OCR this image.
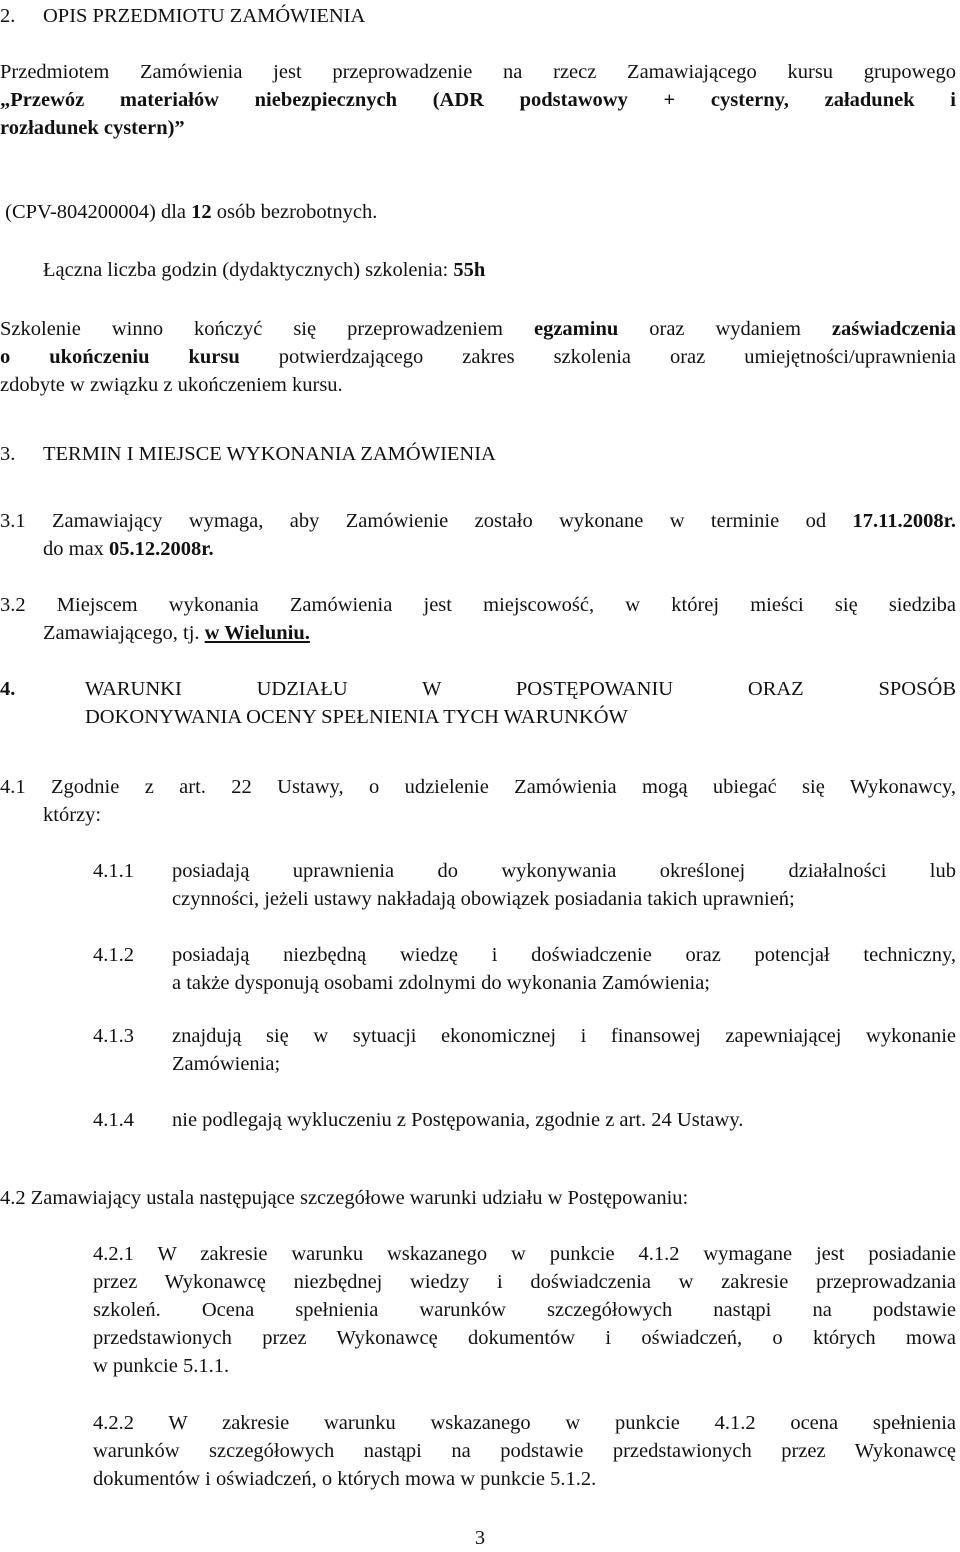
2. OPIS PRZEDMIOTU ZAMÓWIENIA
Przedmiotem Zamówienia jest przeprowadzenie na rzecz Zamawiającego kursu grupowego
„Przewóz materiałów niebezpiecznych (ADR podstawowy + cysterny, załadunek i
rozładunek cystern)”
(CPV-804200004) dla 12 osób bezrobotnych.
Łączna liczba godzin (dydaktycznych) szkolenia: 55h
Szkolenie winno kończyć się przeprowadzeniem egzaminu oraz wydaniem zaświadczenia
o ukończeniu kursu potwierdzającego zakres szkolenia oraz umiejętności/uprawnienia
zdobyte w związku z ukończeniem kursu.
3. TERMIN I MIEJSCE WYKONANIA ZAMÓWIENIA
3.1 Zamawiający wymaga, aby Zamówienie zostało wykonane w terminie od 17.11.2008r.
do max 05.12.2008r.
3.2 Miejscem wykonania Zamówienia jest miejscowość, w której mieści się siedziba
Zamawiającego, tj. w Wieluniu.
4.	WARUNKI UDZIAŁU W POSTĘPOWANIU ORAZ SPOSÓB
DOKONYWANIA OCENY SPEŁNIENIA TYCH WARUNKÓW
4.1 Zgodnie z art. 22 Ustawy, o udzielenie Zamówienia mogą ubiegać się Wykonawcy,
którzy:
4.1.1 posiadają uprawnienia do wykonywania określonej działalności lub
czynności, jeżeli ustawy nakładają obowiązek posiadania takich uprawnień;
4.1.2 posiadają niezbędną wiedzę i doświadczenie oraz potencjał techniczny,
a także dysponują osobami zdolnymi do wykonania Zamówienia;
4.1.3 znajdują się w sytuacji ekonomicznej i finansowej zapewniającej wykonanie
Zamówienia;
4.1.4 nie podlegają wykluczeniu z Postępowania, zgodnie z art. 24 Ustawy.
4.2 Zamawiający ustala następujące szczegółowe warunki udziału w Postępowaniu:
4.2.1 W zakresie warunku wskazanego w punkcie 4.1.2 wymagane jest posiadanie
przez Wykonawcę niezbędnej wiedzy i doświadczenia w zakresie przeprowadzania
szkoleń. Ocena spełnienia warunków szczegółowych nastąpi na podstawie
przedstawionych przez Wykonawcę dokumentów i oświadczeń, o których mowa
w punkcie 5.1.1.
4.2.2 W zakresie warunku wskazanego w punkcie 4.1.2 ocena spełnienia
warunków szczegółowych nastąpi na podstawie przedstawionych przez Wykonawcę
dokumentów i oświadczeń, o których mowa w punkcie 5.1.2.
3
